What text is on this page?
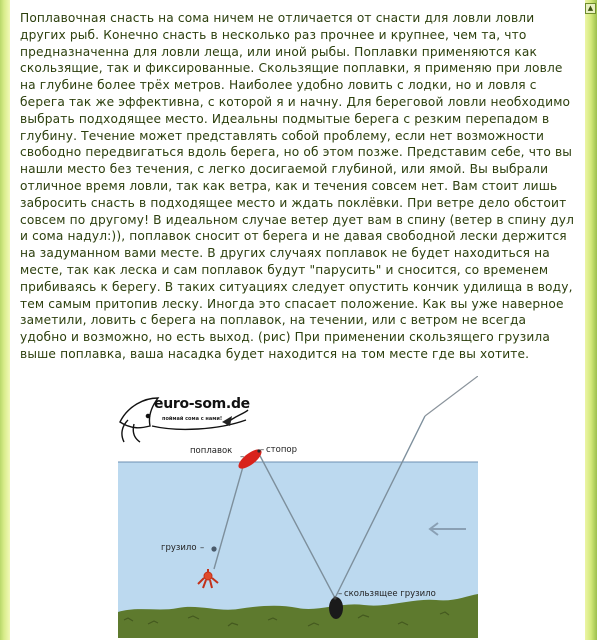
▲

Поплавочная снасть на сома ничем не отличается от снасти для ловли ловли других рыб. Конечно снасть в несколько раз прочнее и крупнее, чем та, что предназначенна для ловли леща, или иной рыбы. Поплавки применяются как скользящие, так и фиксированные. Скользящие поплавки, я применяю при ловле на глубине более трёх метров. Наиболее удобно ловить с лодки, но и ловля с берега так же эффективна, с которой я и начну. Для береговой ловли необходимо выбрать подходящее место. Идеальны подмытые берега с резким перепадом в глубину. Течение может представлять собой проблему, если нет возможности свободно передвигаться вдоль берега, но об этом позже. Представим себе, что вы нашли место без течения, с легко досигаемой глубиной, или ямой. Вы выбрали отличное время ловли, так как ветра, как и течения совсем нет. Вам стоит лишь забросить снасть в подходящее место и ждать поклёвки. При ветре дело обстоит совсем по другому! В идеальном случае ветер дует вам в спину (ветер в спину дул и сома надул:)), поплавок сносит от берега и не давая свободной лески держится на задуманном вами месте. В других случаях поплавок не будет находиться на месте, так как леска и сам поплавок будут "парусить" и сносится, со временем прибиваясь к берегу. В таких ситуациях следует опустить кончик удилища в воду, тем самым притопив леску. Иногда это спасает положение. Как вы уже наверное заметили, ловить с берега на поплавок, на течении, или с ветром не всегда удобно и возможно, но есть выход. (рис) При применении скользящего грузила выше поплавка, ваша насадка будет находится на том месте где вы хотите.

euro-som.de
поймай сома с нами!
поплавок
–
стопор
–
грузило –
скользящее грузило
–
